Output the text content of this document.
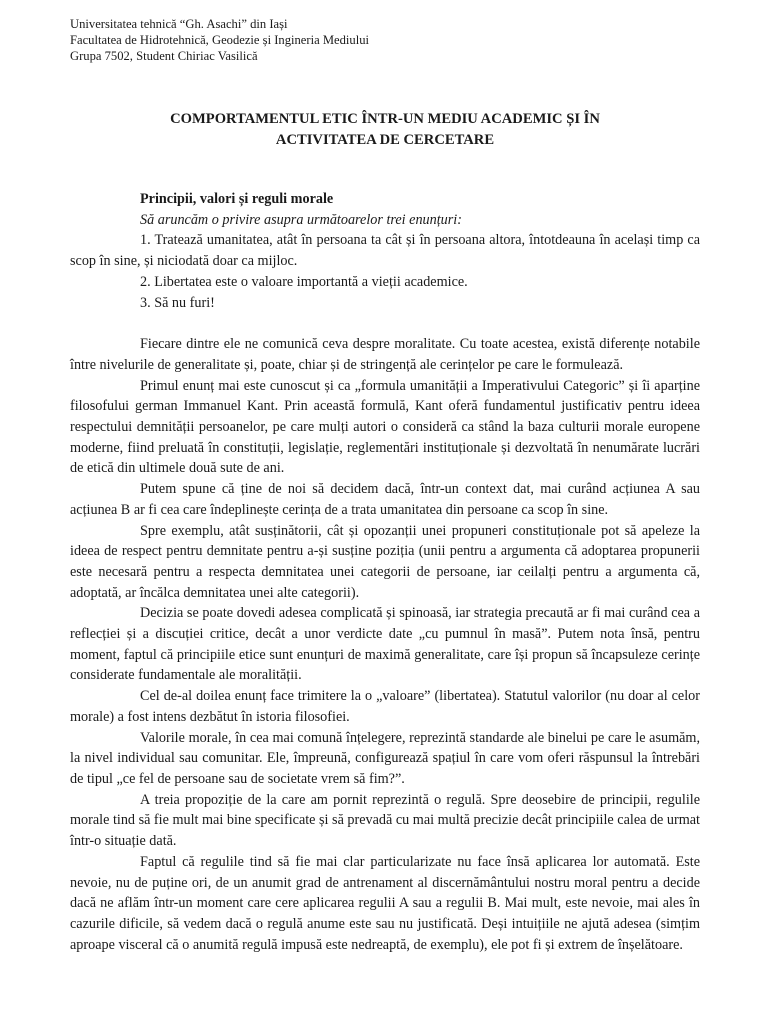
Universitatea tehnică “Gh. Asachi” din Iași
Facultatea de Hidrotehnică, Geodezie și Ingineria Mediului
Grupa 7502, Student Chiriac Vasilică
COMPORTAMENTUL ETIC ÎNTR-UN MEDIU ACADEMIC ȘI ÎN
ACTIVITATEA DE CERCETARE

Principii, valori și reguli morale

Să aruncăm o privire asupra următoarelor trei enunțuri:

1. Tratează umanitatea, atât în persoana ta cât și în persoana altora, întotdeauna în același timp ca scop în sine, și niciodată doar ca mijloc.

2. Libertatea este o valoare importantă a vieții academice.

3. Să nu furi!

Fiecare dintre ele ne comunică ceva despre moralitate. Cu toate acestea, există diferențe notabile între nivelurile de generalitate și, poate, chiar și de stringență ale cerințelor pe care le formulează.

Primul enunț mai este cunoscut și ca „formula umanității a Imperativului Categoric” și îi aparține filosofului german Immanuel Kant. Prin această formulă, Kant oferă fundamentul justificativ pentru ideea respectului demnității persoanelor, pe care mulți autori o consideră ca stând la baza culturii morale europene moderne, fiind preluată în constituții, legislație, reglementări instituționale și dezvoltată în nenumărate lucrări de etică din ultimele două sute de ani.

Putem spune că ține de noi să decidem dacă, într-un context dat, mai curând acțiunea A sau acțiunea B ar fi cea care îndeplinește cerința de a trata umanitatea din persoane ca scop în sine.

Spre exemplu, atât susținătorii, cât și opozanții unei propuneri constituționale pot să apeleze la ideea de respect pentru demnitate pentru a-și susține poziția (unii pentru a argumenta că adoptarea propunerii este necesară pentru a respecta demnitatea unei categorii de persoane, iar ceilalți pentru a argumenta că, adoptată, ar încălca demnitatea unei alte categorii).

Decizia se poate dovedi adesea complicată și spinoasă, iar strategia precaută ar fi mai curând cea a reflecției și a discuției critice, decât a unor verdicte date „cu pumnul în masă”. Putem nota însă, pentru moment, faptul că principiile etice sunt enunțuri de maximă generalitate, care își propun să încapsuleze cerințe considerate fundamentale ale moralității.

Cel de-al doilea enunț face trimitere la o „valoare” (libertatea). Statutul valorilor (nu doar al celor morale) a fost intens dezbătut în istoria filosofiei.

Valorile morale, în cea mai comună înțelegere, reprezintă standarde ale binelui pe care le asumăm, la nivel individual sau comunitar. Ele, împreună, configurează spațiul în care vom oferi răspunsul la întrebări de tipul „ce fel de persoane sau de societate vrem să fim?”.

A treia propoziție de la care am pornit reprezintă o regulă. Spre deosebire de principii, regulile morale tind să fie mult mai bine specificate și să prevadă cu mai multă precizie decât principiile calea de urmat într-o situație dată.

Faptul că regulile tind să fie mai clar particularizate nu face însă aplicarea lor automată. Este nevoie, nu de puține ori, de un anumit grad de antrenament al discernământului nostru moral pentru a decide dacă ne aflăm într-un moment care cere aplicarea regulii A sau a regulii B. Mai mult, este nevoie, mai ales în cazurile dificile, să vedem dacă o regulă anume este sau nu justificată. Deși intuițiile ne ajută adesea (simțim aproape visceral că o anumită regulă impusă este nedreaptă, de exemplu), ele pot fi și extrem de înșelătoare.
